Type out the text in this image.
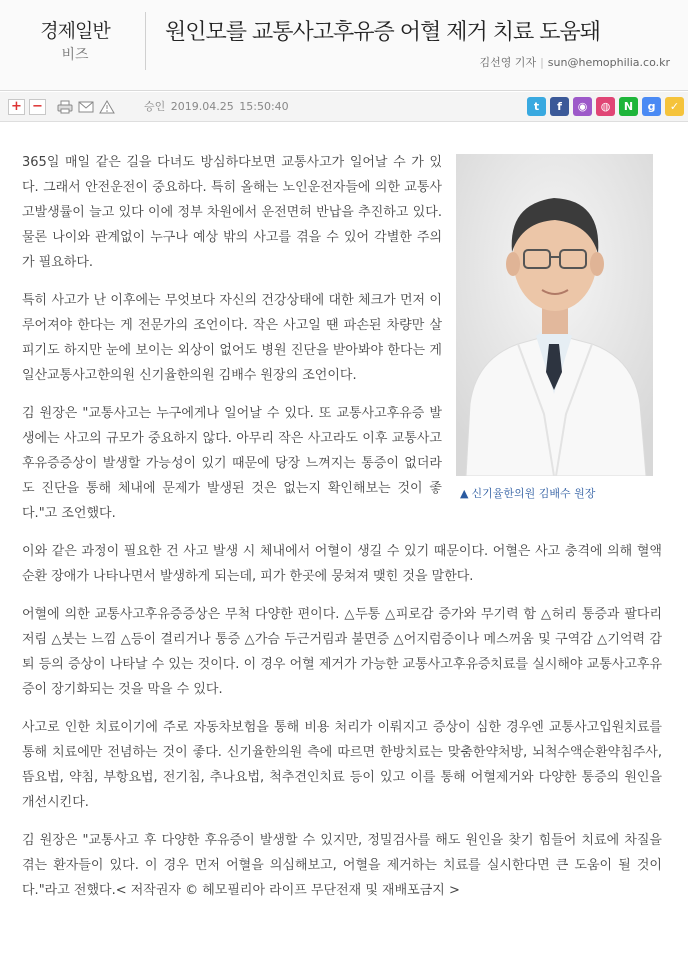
경제일반
비즈
원인모를 교통사고후유증 어혈 제거 치료 도움돼
김선영 기자 | sun@hemophilia.co.kr
+ −	승인 2019.04.25 15:50:40	t	f	◉	◍	N	g	✓
▲ 신기율한의원 김배수 원장

365일 매일 같은 길을 다녀도 방심하다보면 교통사고가 일어날 수 가 있다. 그래서 안전운전이 중요하다. 특히 올해는 노인운전자들에 의한 교통사고발생률이 늘고 있다 이에 정부 차원에서 운전면허 반납을 추진하고 있다. 물론 나이와 관계없이 누구나 예상 밖의 사고를 겪을 수 있어 각별한 주의가 필요하다.

특히 사고가 난 이후에는 무엇보다 자신의 건강상태에 대한 체크가 먼저 이루어져야 한다는 게 전문가의 조언이다. 작은 사고일 땐 파손된 차량만 살피기도 하지만 눈에 보이는 외상이 없어도 병원 진단을 받아봐야 한다는 게 일산교통사고한의원 신기율한의원 김배수 원장의 조언이다.

김 원장은 "교통사고는 누구에게나 일어날 수 있다. 또 교통사고후유증 발생에는 사고의 규모가 중요하지 않다. 아무리 작은 사고라도 이후 교통사고후유증증상이 발생할 가능성이 있기 때문에 당장 느껴지는 통증이 없더라도 진단을 통해 체내에 문제가 발생된 것은 없는지 확인해보는 것이 좋다."고 조언했다.

이와 같은 과정이 필요한 건 사고 발생 시 체내에서 어혈이 생길 수 있기 때문이다. 어혈은 사고 충격에 의해 혈액순환 장애가 나타나면서 발생하게 되는데, 피가 한곳에 뭉쳐져 맺힌 것을 말한다.

어혈에 의한 교통사고후유증증상은 무척 다양한 편이다. △두통 △피로감 증가와 무기력 함 △허리 통증과 팔다리 저림 △붓는 느낌 △등이 결리거나 통증 △가슴 두근거림과 불면증 △어지럼증이나 메스꺼움 및 구역감 △기억력 감퇴 등의 증상이 나타날 수 있는 것이다. 이 경우 어혈 제거가 가능한 교통사고후유증치료를 실시해야 교통사고후유증이 장기화되는 것을 막을 수 있다.

사고로 인한 치료이기에 주로 자동차보험을 통해 비용 처리가 이뤄지고 증상이 심한 경우엔 교통사고입원치료를 통해 치료에만 전념하는 것이 좋다. 신기율한의원 측에 따르면 한방치료는 맞춤한약처방, 뇌척수액순환약침주사, 뜸요법, 약침, 부항요법, 전기침, 추나요법, 척추견인치료 등이 있고 이를 통해 어혈제거와 다양한 통증의 원인을 개선시킨다.

김 원장은 "교통사고 후 다양한 후유증이 발생할 수 있지만, 정밀검사를 해도 원인을 찾기 힘들어 치료에 차질을 겪는 환자들이 있다. 이 경우 먼저 어혈을 의심해보고, 어혈을 제거하는 치료를 실시한다면 큰 도움이 될 것이다."라고 전했다.< 저작권자 © 헤모필리아 라이프 무단전재 및 재배포금지 >
